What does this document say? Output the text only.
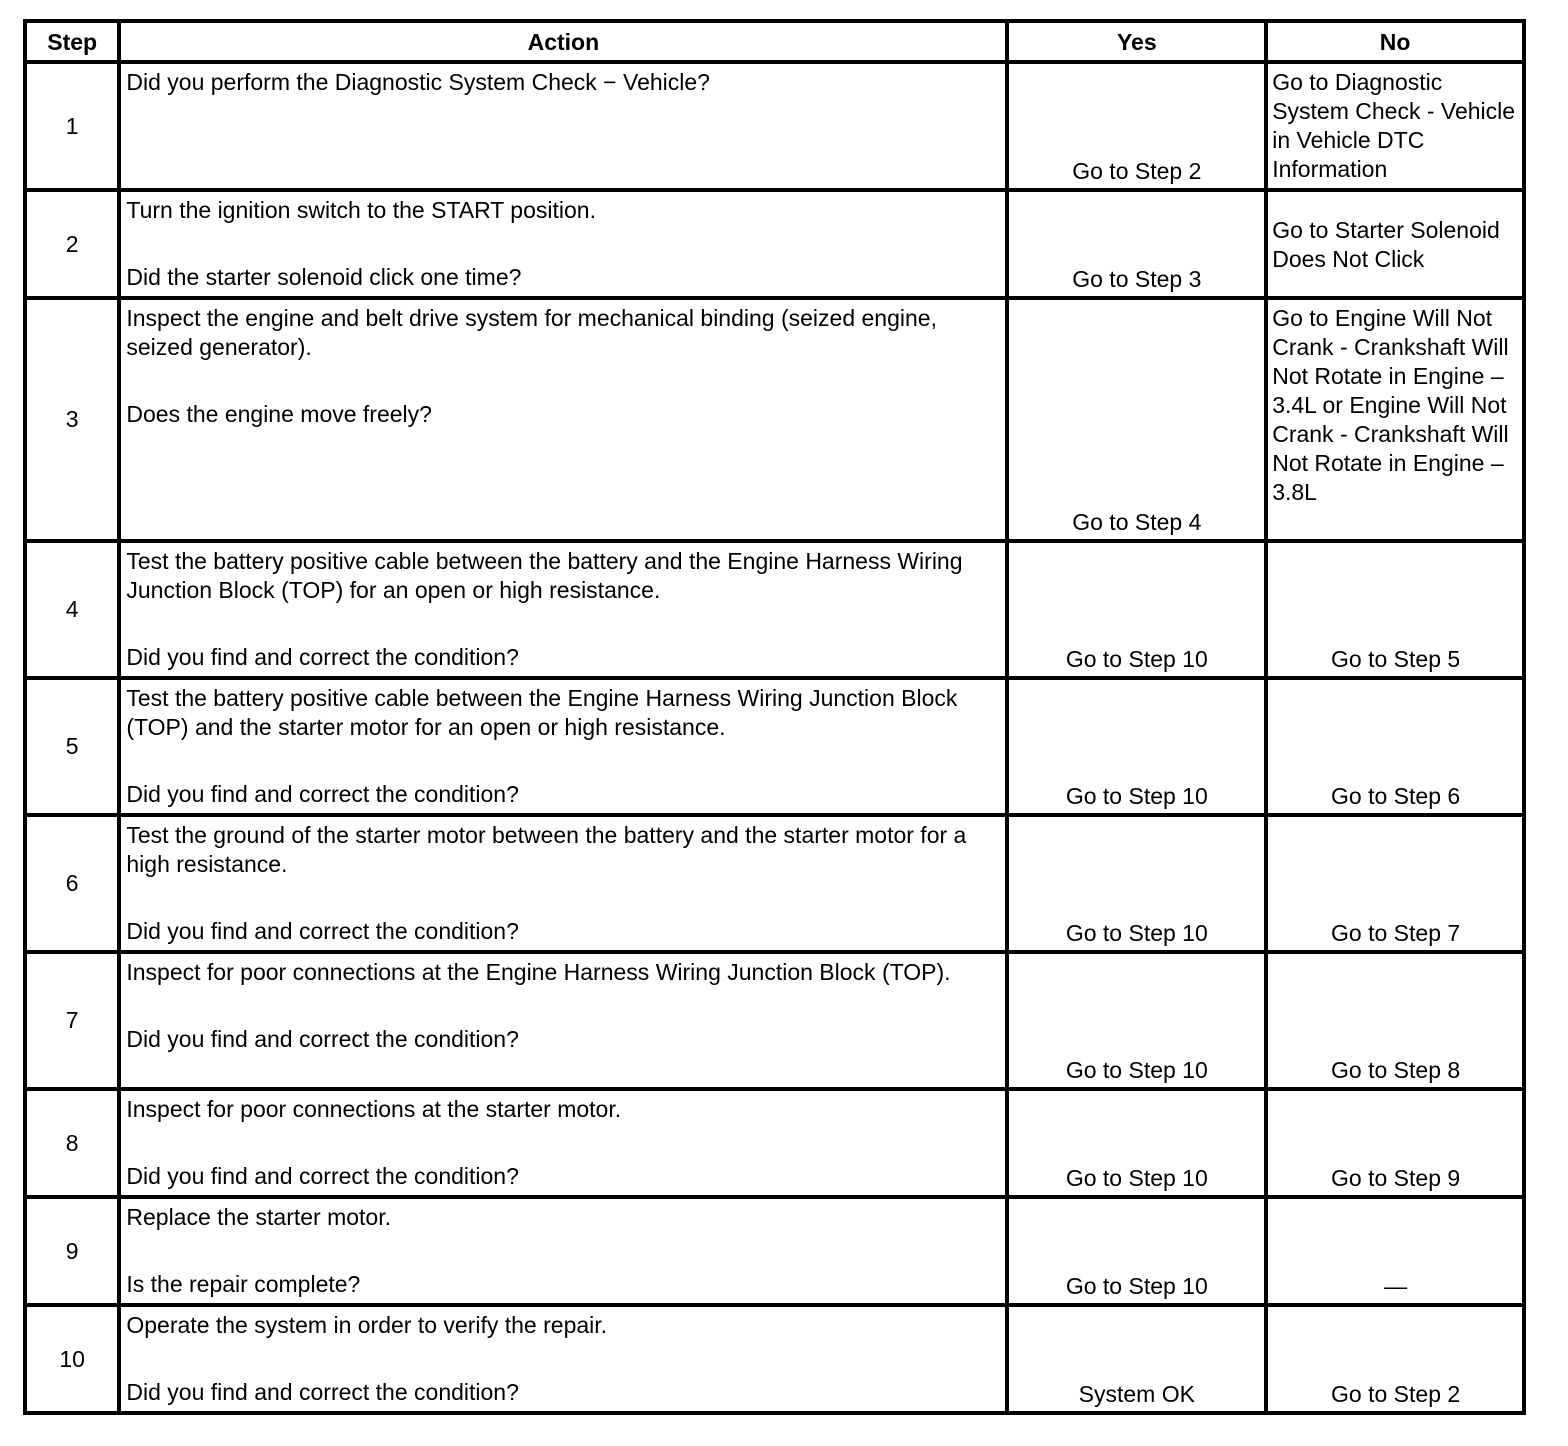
Step	Action	Yes	No
1	Did you perform the Diagnostic System Check − Vehicle?	Go to Step 2	Go to Diagnostic System Check - Vehicle in Vehicle DTC Information
2	Turn the ignition switch to the START position.
Did the starter solenoid click one time?	Go to Step 3	Go to Starter Solenoid Does Not Click
3	Inspect the engine and belt drive system for mechanical binding (seized engine, seized generator).
Does the engine move freely?	Go to Step 4	Go to Engine Will Not Crank - Crankshaft Will Not Rotate in Engine – 3.4L or Engine Will Not Crank - Crankshaft Will Not Rotate in Engine – 3.8L
4	Test the battery positive cable between the battery and the Engine Harness Wiring Junction Block (TOP) for an open or high resistance.
Did you find and correct the condition?	Go to Step 10	Go to Step 5
5	Test the battery positive cable between the Engine Harness Wiring Junction Block (TOP) and the starter motor for an open or high resistance.
Did you find and correct the condition?	Go to Step 10	Go to Step 6
6	Test the ground of the starter motor between the battery and the starter motor for a high resistance.
Did you find and correct the condition?	Go to Step 10	Go to Step 7
7	Inspect for poor connections at the Engine Harness Wiring Junction Block (TOP).
Did you find and correct the condition?	Go to Step 10	Go to Step 8
8	Inspect for poor connections at the starter motor.
Did you find and correct the condition?	Go to Step 10	Go to Step 9
9	Replace the starter motor.
Is the repair complete?	Go to Step 10	—
10	Operate the system in order to verify the repair.
Did you find and correct the condition?	System OK	Go to Step 2
